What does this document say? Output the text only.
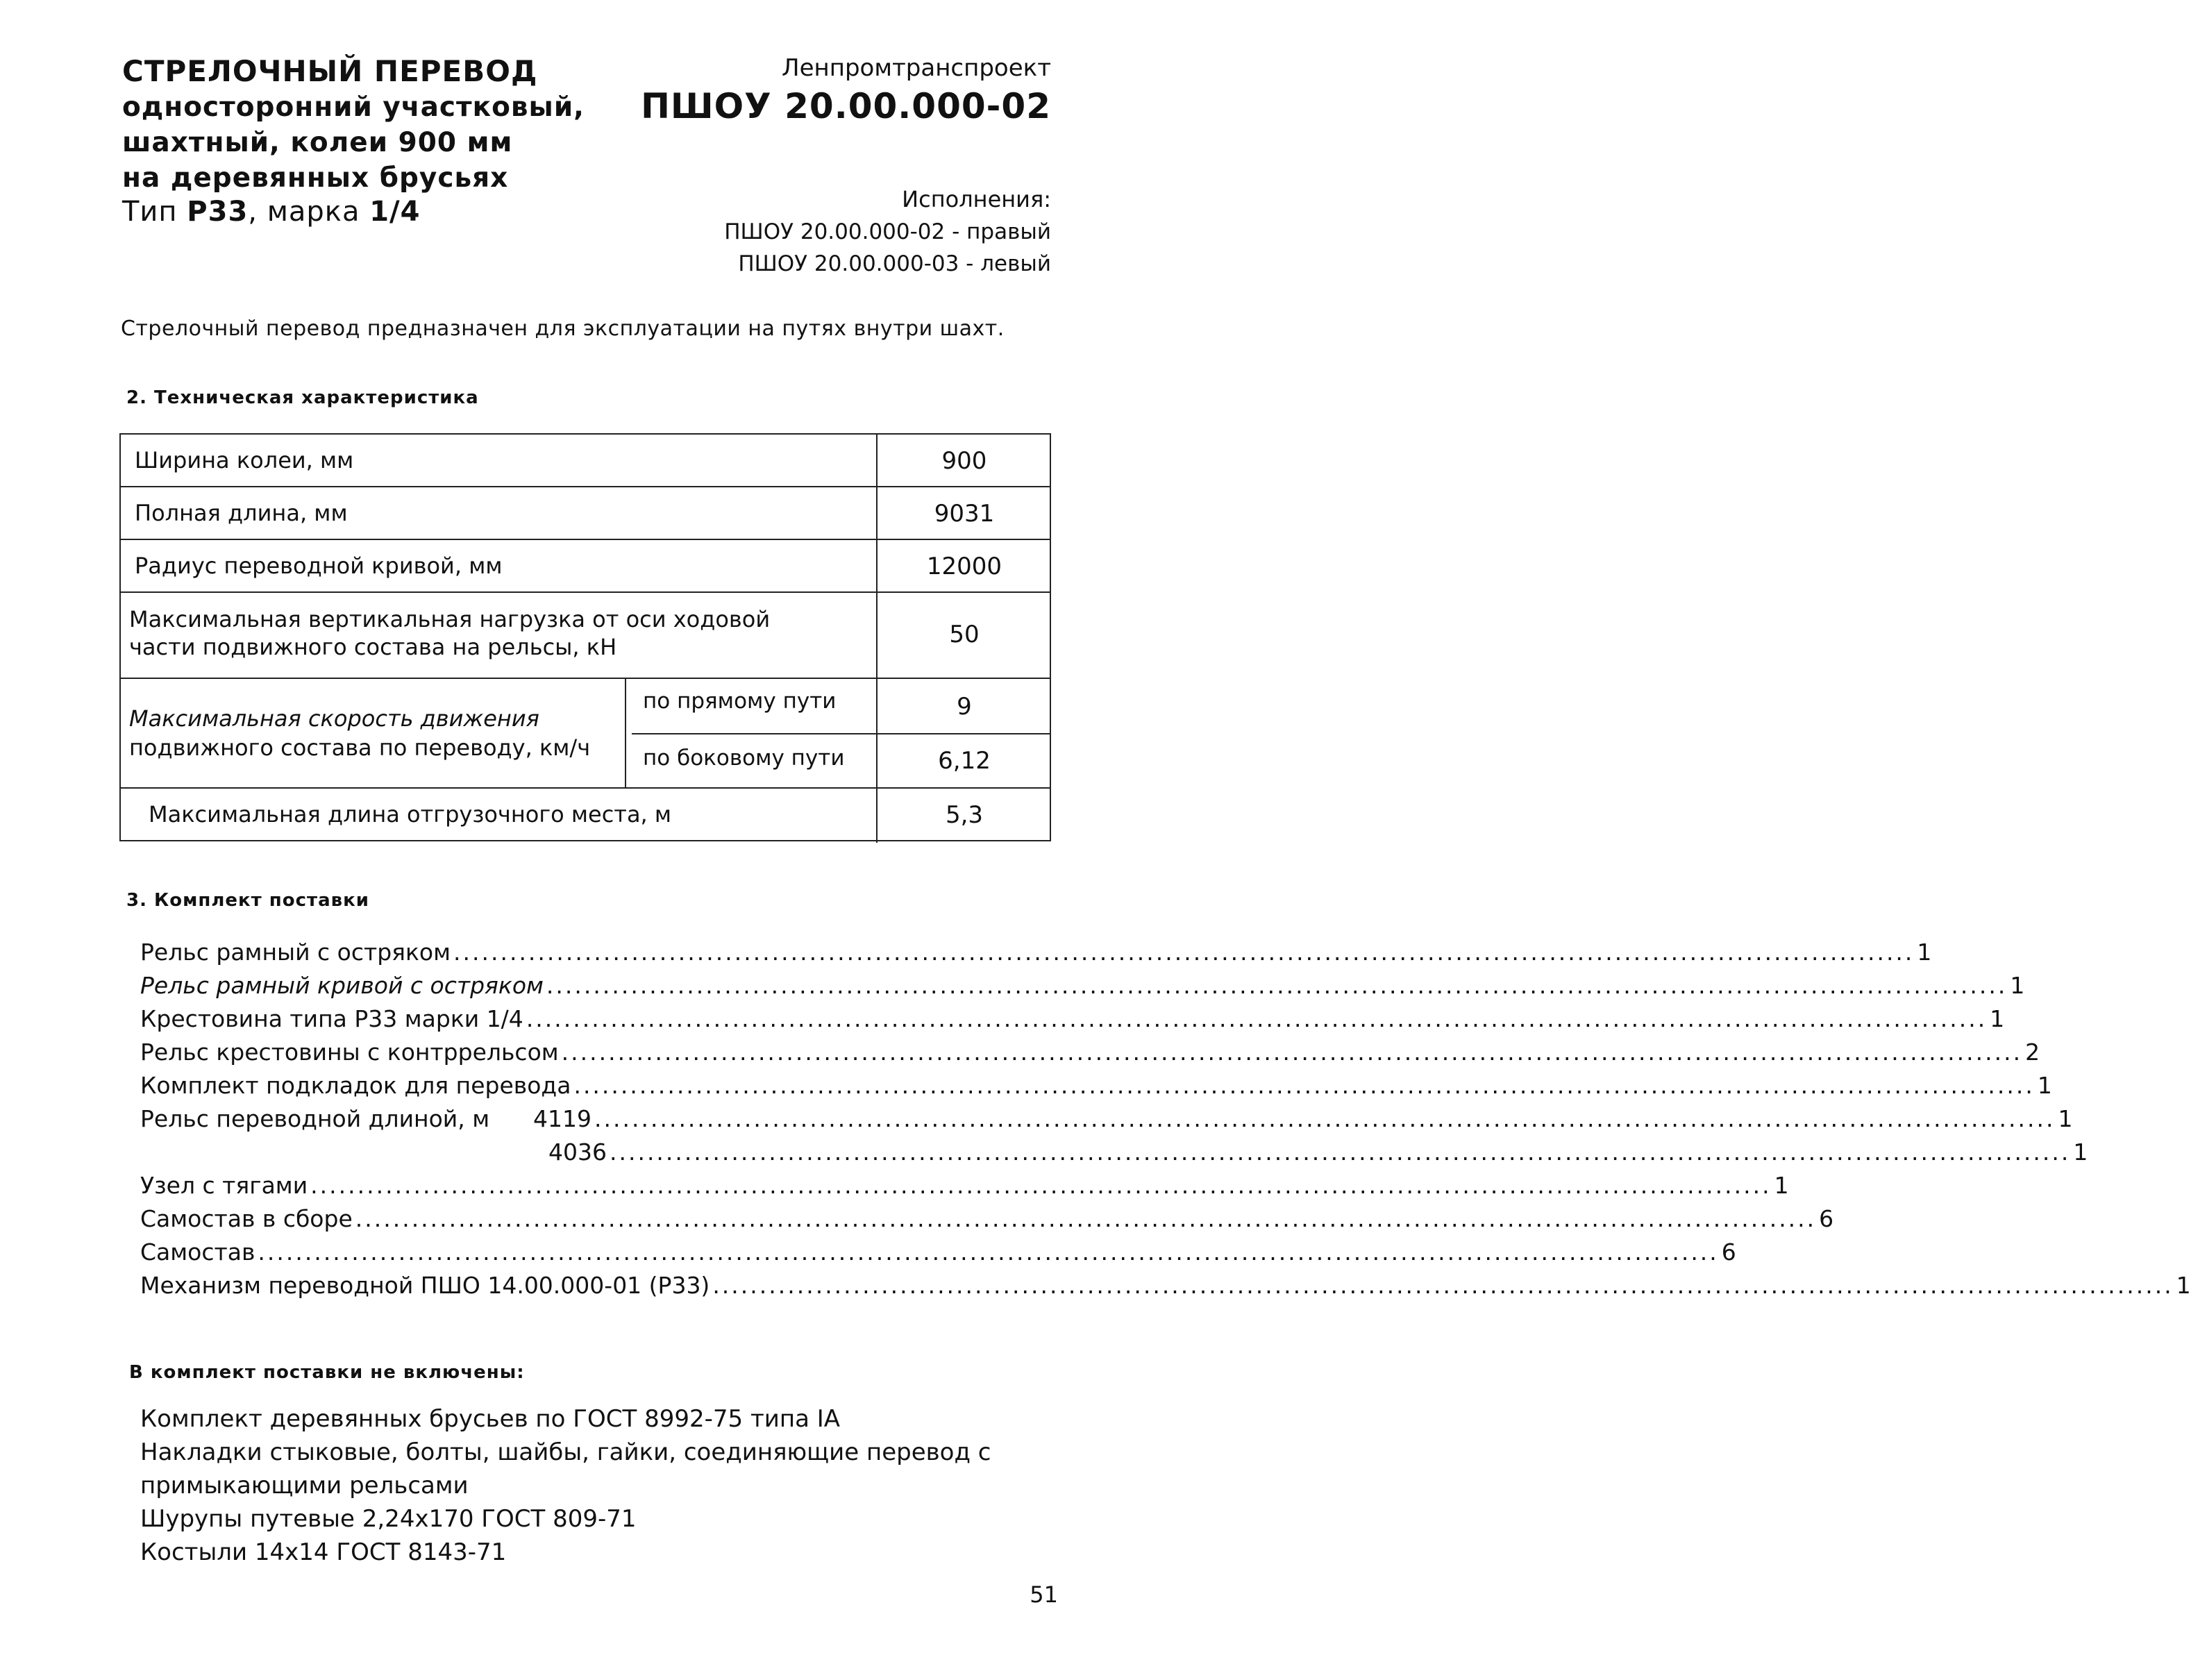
СТРЕЛОЧНЫЙ ПЕРЕВОД
односторонний участковый,
шахтный, колеи 900 мм
на деревянных брусьях
Тип Р33, марка 1/4
Ленпромтранспроект
ПШОУ 20.00.000-02
Исполнения:
ПШОУ 20.00.000-02 - правый
ПШОУ 20.00.000-03 - левый
Стрелочный перевод предназначен для эксплуатации на путях внутри шахт.
2. Техническая характеристика
Ширина колеи, мм	900
Полная длина, мм	9031
Радиус переводной кривой, мм	12000
Максимальная вертикальная нагрузка от оси ходовой
части подвижного состава на рельсы, кН	50
Максимальная скорость движения
подвижного состава по переводу, км/ч
по прямому пути	9
по боковому пути	6,12
Максимальная длина отгрузочного места, м	5,3
3. Комплект поставки
Рельс рамный с остряком ............................................................................................................................................................ 1
Рельс рамный кривой с остряком ............................................................................................................................................................ 1
Крестовина типа Р33 марки 1/4 ............................................................................................................................................................ 1
Рельс крестовины с контррельсом ............................................................................................................................................................ 2
Комплект подкладок для перевода ............................................................................................................................................................ 1
Рельс переводной длиной, м      4119 ............................................................................................................................................................ 1
4036 ............................................................................................................................................................ 1
Узел с тягами ............................................................................................................................................................ 1
Самостав в сборе ............................................................................................................................................................ 6
Самостав ............................................................................................................................................................ 6
Механизм переводной ПШО 14.00.000-01 (Р33) ............................................................................................................................................................ 1
В комплект поставки не включены:
Комплект деревянных брусьев по ГОСТ 8992-75 типа IA
Накладки стыковые, болты, шайбы, гайки, соединяющие перевод с
примыкающими рельсами
Шурупы путевые 2,24х170 ГОСТ 809-71
Костыли 14х14 ГОСТ 8143-71
51
